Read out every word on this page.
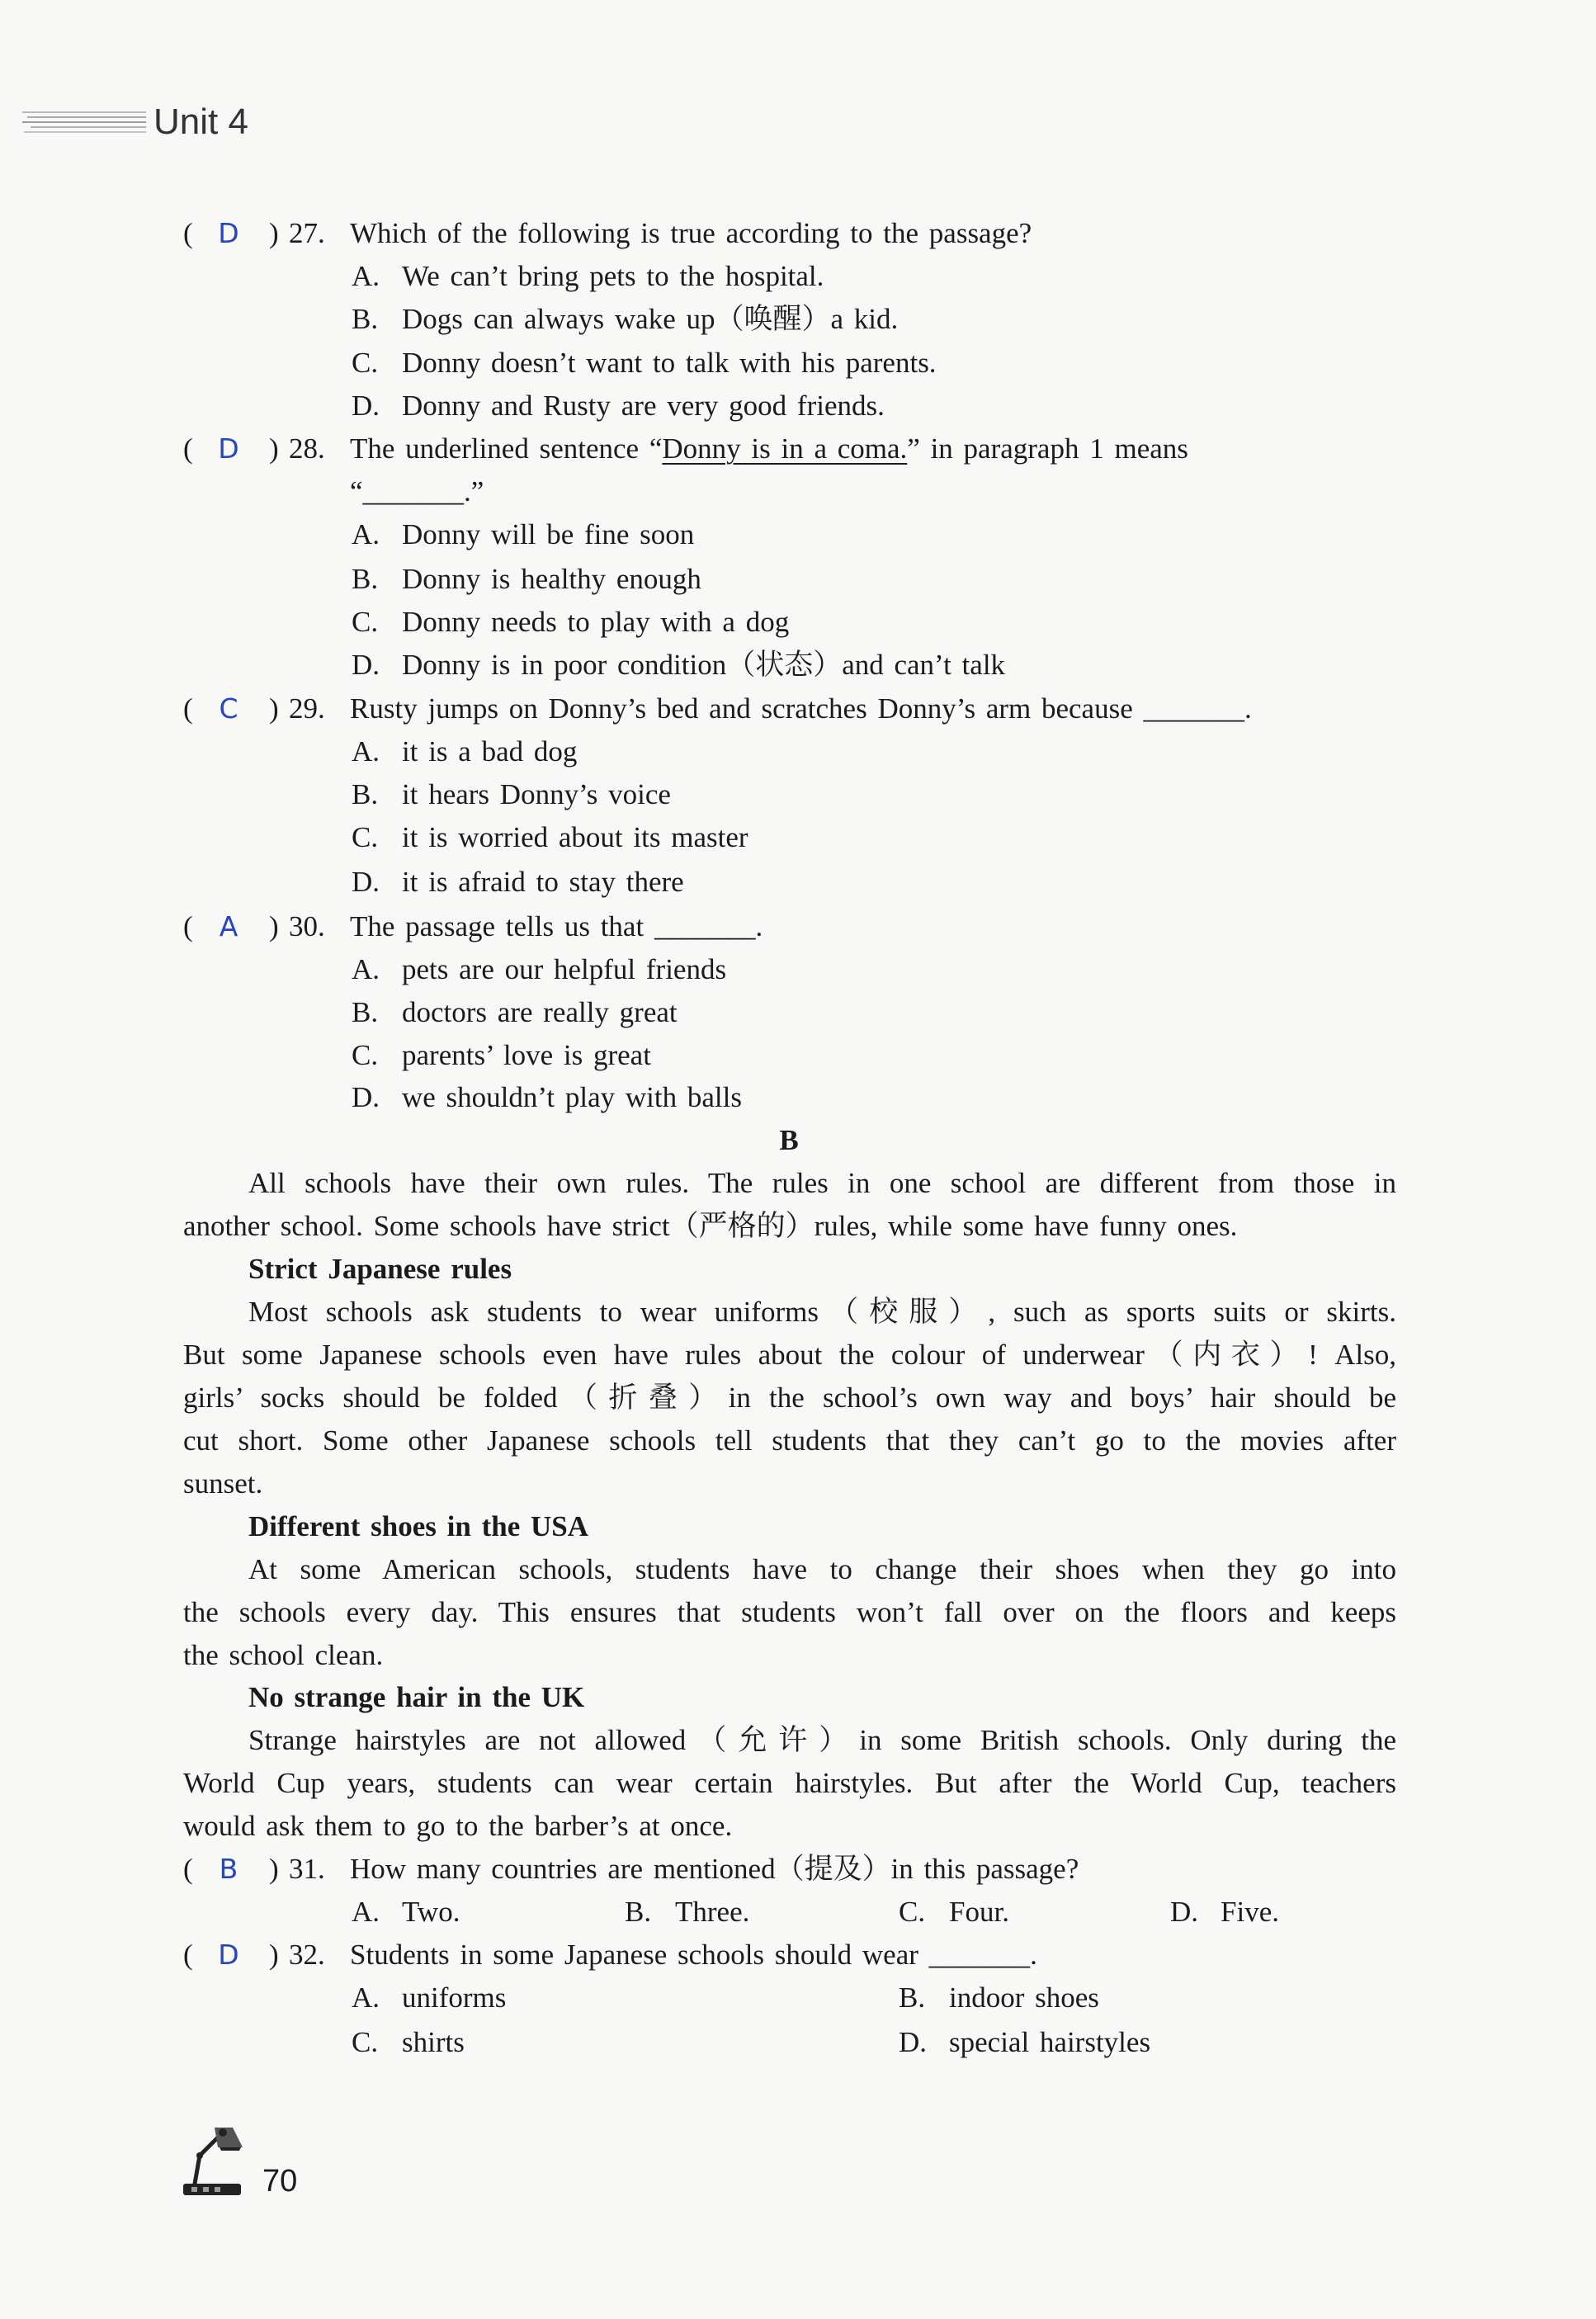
Unit 4
( D	) 27. Which of the following is true according to the passage?
A. We can’t bring pets to the hospital.
B. Dogs can always wake up（唤醒）a kid.
C. Donny doesn’t want to talk with his parents.
D. Donny and Rusty are very good friends.
( D	) 28. The underlined sentence “Donny is in a coma.” in paragraph 1 means
“_______.”
A. Donny will be fine soon
B. Donny is healthy enough
C. Donny needs to play with a dog
D. Donny is in poor condition（状态）and can’t talk
( C	) 29. Rusty jumps on Donny’s bed and scratches Donny’s arm because _______.
A. it is a bad dog
B. it hears Donny’s voice
C. it is worried about its master
D. it is afraid to stay there
( A	) 30. The passage tells us that _______.
A. pets are our helpful friends
B. doctors are really great
C. parents’ love is great
D. we shouldn’t play with balls
B
All schools have their own rules. The rules in one school are different from those in
another school. Some schools have strict（严格的）rules, while some have funny ones.
Strict Japanese rules
Most schools ask students to wear uniforms（校服）, such as sports suits or skirts.
But some Japanese schools even have rules about the colour of underwear（内衣）! Also,
girls’ socks should be folded（折叠）in the school’s own way and boys’ hair should be
cut short. Some other Japanese schools tell students that they can’t go to the movies after
sunset.
Different shoes in the USA
At some American schools, students have to change their shoes when they go into
the schools every day. This ensures that students won’t fall over on the floors and keeps
the school clean.
No strange hair in the UK
Strange hairstyles are not allowed（允许）in some British schools. Only during the
World Cup years, students can wear certain hairstyles. But after the World Cup, teachers
would ask them to go to the barber’s at once.
( B	) 31. How many countries are mentioned（提及）in this passage?
A. Two.	B. Three.	C. Four.	D. Five.
( D	) 32. Students in some Japanese schools should wear _______.
A. uniforms	B. indoor shoes
C. shirts	D. special hairstyles
70
